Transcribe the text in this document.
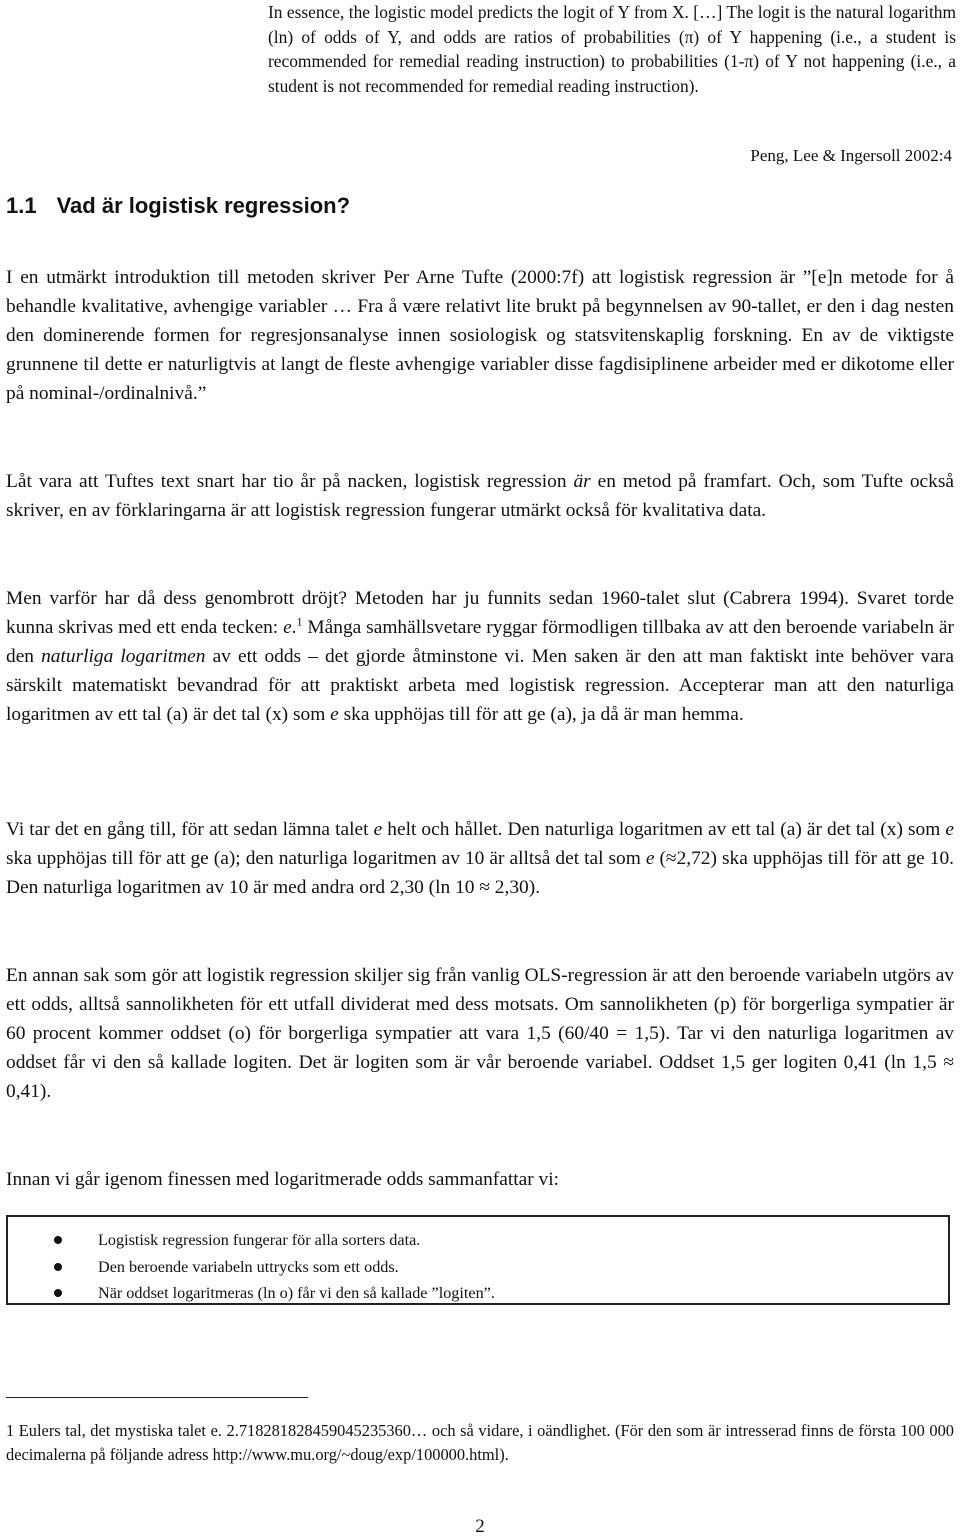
In essence, the logistic model predicts the logit of Y from X. […] The logit is the natural logarithm (ln) of odds of Y, and odds are ratios of probabilities (π) of Y happening (i.e., a student is recommended for remedial reading instruction) to probabilities (1-π) of Y not happening (i.e., a student is not recommended for remedial reading instruction).

Peng, Lee & Ingersoll 2002:4
1.1 Vad är logistisk regression?

I en utmärkt introduktion till metoden skriver Per Arne Tufte (2000:7f) att logistisk regression är ”[e]n metode for å behandle kvalitative, avhengige variabler … Fra å være relativt lite brukt på begynnelsen av 90-tallet, er den i dag nesten den dominerende formen for regresjonsanalyse innen sosiologisk og statsvitenskaplig forskning. En av de viktigste grunnene til dette er naturligtvis at langt de fleste avhengige variabler disse fagdisiplinene arbeider med er dikotome eller på nominal-/ordinalnivå.”

Låt vara att Tuftes text snart har tio år på nacken, logistisk regression är en metod på framfart. Och, som Tufte också skriver, en av förklaringarna är att logistisk regression fungerar utmärkt också för kvalitativa data.

Men varför har då dess genombrott dröjt? Metoden har ju funnits sedan 1960-talet slut (Cabrera 1994). Svaret torde kunna skrivas med ett enda tecken: e.$^1$ Många samhällsvetare ryggar förmodligen tillbaka av att den beroende variabeln är den naturliga logaritmen av ett odds – det gjorde åtminstone vi. Men saken är den att man faktiskt inte behöver vara särskilt matematiskt bevandrad för att praktiskt arbeta med logistisk regression. Accepterar man att den naturliga logaritmen av ett tal (a) är det tal (x) som e ska upphöjas till för att ge (a), ja då är man hemma.

Vi tar det en gång till, för att sedan lämna talet e helt och hållet. Den naturliga logaritmen av ett tal (a) är det tal (x) som e ska upphöjas till för att ge (a); den naturliga logaritmen av 10 är alltså det tal som e (≈2,72) ska upphöjas till för att ge 10. Den naturliga logaritmen av 10 är med andra ord 2,30 (ln 10 ≈ 2,30).

En annan sak som gör att logistik regression skiljer sig från vanlig OLS-regression är att den beroende variabeln utgörs av ett odds, alltså sannolikheten för ett utfall dividerat med dess motsats. Om sannolikheten (p) för borgerliga sympatier är 60 procent kommer oddset (o) för borgerliga sympatier att vara 1,5 (60/40 = 1,5). Tar vi den naturliga logaritmen av oddset får vi den så kallade logiten. Det är logiten som är vår beroende variabel. Oddset 1,5 ger logiten 0,41 (ln 1,5 ≈ 0,41).

Innan vi går igenom finessen med logaritmerade odds sammanfattar vi:

Logistisk regression fungerar för alla sorters data.
Den beroende variabeln uttrycks som ett odds.
När oddset logaritmeras (ln o) får vi den så kallade ”logiten”.

1 Eulers tal, det mystiska talet e. 2.718281828459045235360… och så vidare, i oändlighet. (För den som är intresserad finns de första 100 000 decimalerna på följande adress http://www.mu.org/~doug/exp/100000.html).

2
